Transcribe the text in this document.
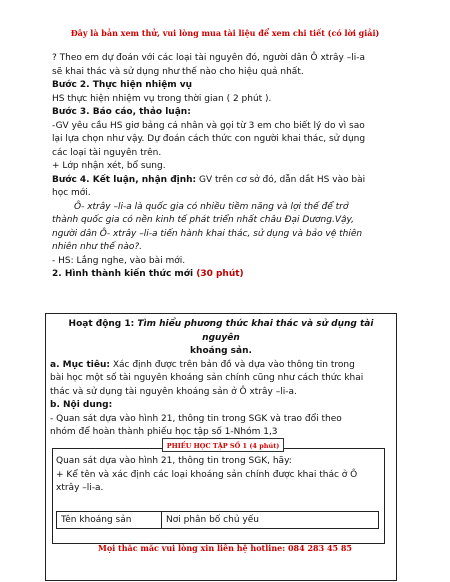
Đây là bản xem thử, vui lòng mua tài liệu để xem chi tiết (có lời giải)

? Theo em dự đoán với các loại tài nguyên đó, người dân Ô xtrây –li-a

sẽ khai thác và sử dụng như thế nào cho hiệu quả nhất.

Bước 2. Thực hiện nhiệm vụ

HS thực hiện nhiệm vụ trong thời gian ( 2 phút ).

Bước 3. Báo cáo, thảo luận:

-GV yêu cầu HS giơ bảng cá nhân và gọi từ 3 em cho biết lý do vì sao

lại lựa chọn như vậy. Dự đoán cách thức con người khai thác, sử dụng

các loại tài nguyên trên.

+ Lớp nhận xét, bổ sung.

Bước 4. Kết luận, nhận định: GV trên cơ sở đó, dẫn dắt HS vào bài

học mới.

Ô- xtrây –li-a là quốc gia có nhiều tiềm năng và lợi thế để trở

thành quốc gia có nền kinh tế phát triển nhất châu Đại Dương.Vậy,

người dân Ô- xtrây –li-a tiến hành khai thác, sử dụng và bảo vệ thiên

nhiên như thế nào?.

- HS: Lắng nghe, vào bài mới.

2. Hình thành kiến thức mới (30 phút)

Hoạt động 1: Tìm hiểu phương thức khai thác và sử dụng tài nguyên

khoáng sản.

a. Mục tiêu: Xác định được trên bản đồ và dựa vào thông tin trong

bài học một số tài nguyên khoáng sản chính cũng như cách thức khai

thác và sử dụng tài nguyên khoáng sản ở Ô xtrây –li-a.

b. Nội dung:

- Quan sát dựa vào hình 21, thông tin trong SGK và trao đổi theo

nhóm để hoàn thành phiếu học tập số 1-Nhóm 1,3

Quan sát dựa vào hình 21, thông tin trong SGK, hãy:

+ Kể tên và xác định các loại khoáng sản chính được khai thác ở Ô

xtrây –li-a.

Tên khoáng sản	Nơi phân bố chủ yếu
PHIẾU HỌC TẬP SỐ 1 (4 phút)
Mọi thắc mắc vui lòng xin liên hệ hotline: 084 283 45 85
